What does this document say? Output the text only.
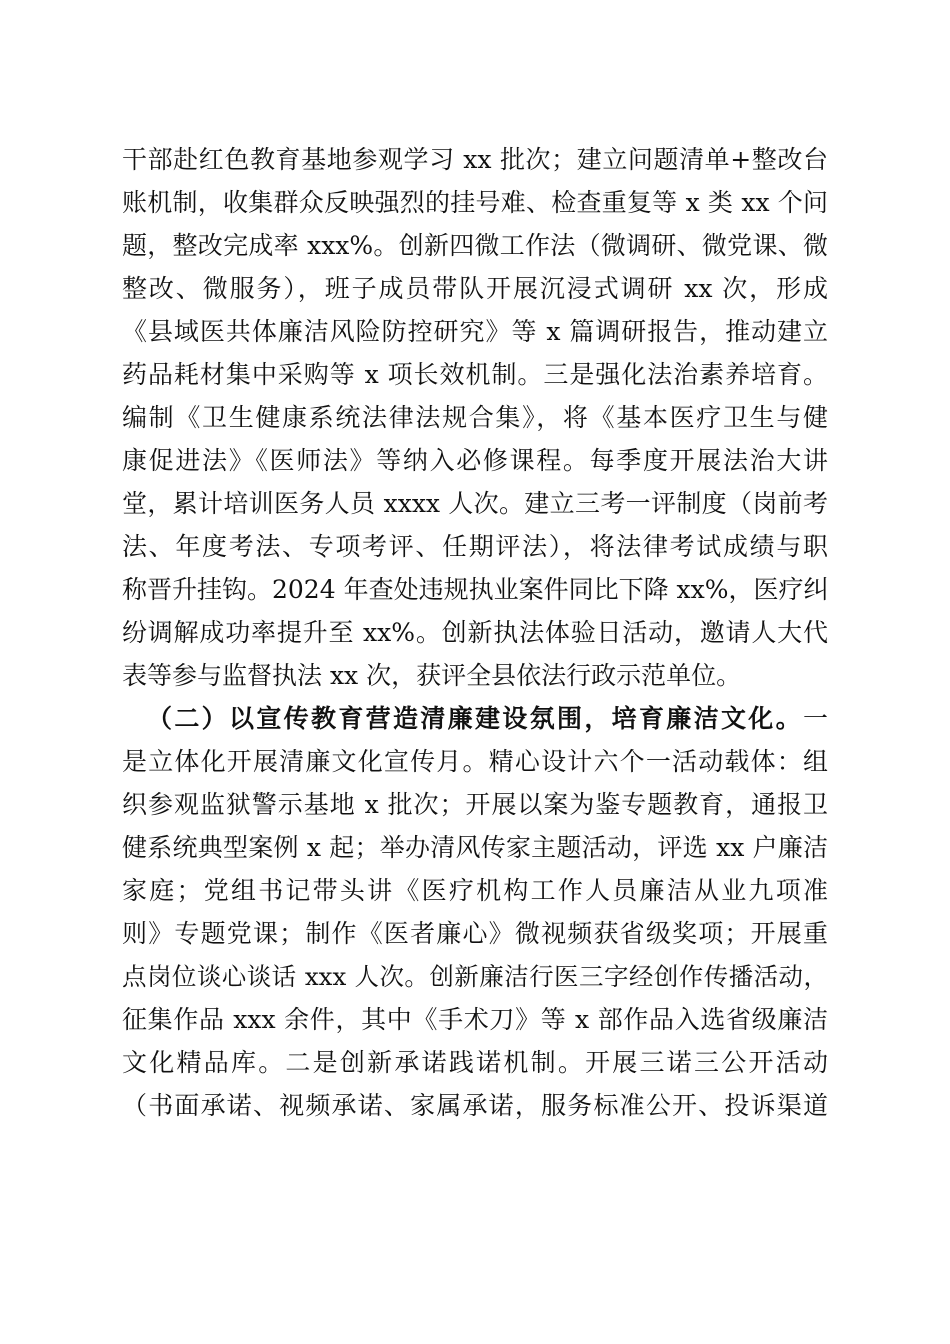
干部赴红色教育基地参观学习 xx 批次；建立问题清单+整改台
账机制，收集群众反映强烈的挂号难、检查重复等 x 类 xx 个问
题，整改完成率 xxx%。创新四微工作法（微调研、微党课、微
整改、微服务），班子成员带队开展沉浸式调研 xx 次，形成
《县域医共体廉洁风险防控研究》等 x 篇调研报告，推动建立
药品耗材集中采购等 x 项长效机制。三是强化法治素养培育。
编制《卫生健康系统法律法规合集》，将《基本医疗卫生与健
康促进法》《医师法》等纳入必修课程。每季度开展法治大讲
堂，累计培训医务人员 xxxx 人次。建立三考一评制度（岗前考
法、年度考法、专项考评、任期评法），将法律考试成绩与职
称晋升挂钩。2024 年查处违规执业案件同比下降 xx%，医疗纠
纷调解成功率提升至 xx%。创新执法体验日活动，邀请人大代
表等参与监督执法 xx 次，获评全县依法行政示范单位。
（二）以宣传教育营造清廉建设氛围，培育廉洁文化。一
是立体化开展清廉文化宣传月。精心设计六个一活动载体：组
织参观监狱警示基地 x 批次；开展以案为鉴专题教育，通报卫
健系统典型案例 x 起；举办清风传家主题活动，评选 xx 户廉洁
家庭；党组书记带头讲《医疗机构工作人员廉洁从业九项准
则》专题党课；制作《医者廉心》微视频获省级奖项；开展重
点岗位谈心谈话 xxx 人次。创新廉洁行医三字经创作传播活动，
征集作品 xxx 余件，其中《手术刀》等 x 部作品入选省级廉洁
文化精品库。二是创新承诺践诺机制。开展三诺三公开活动
（书面承诺、视频承诺、家属承诺，服务标准公开、投诉渠道
